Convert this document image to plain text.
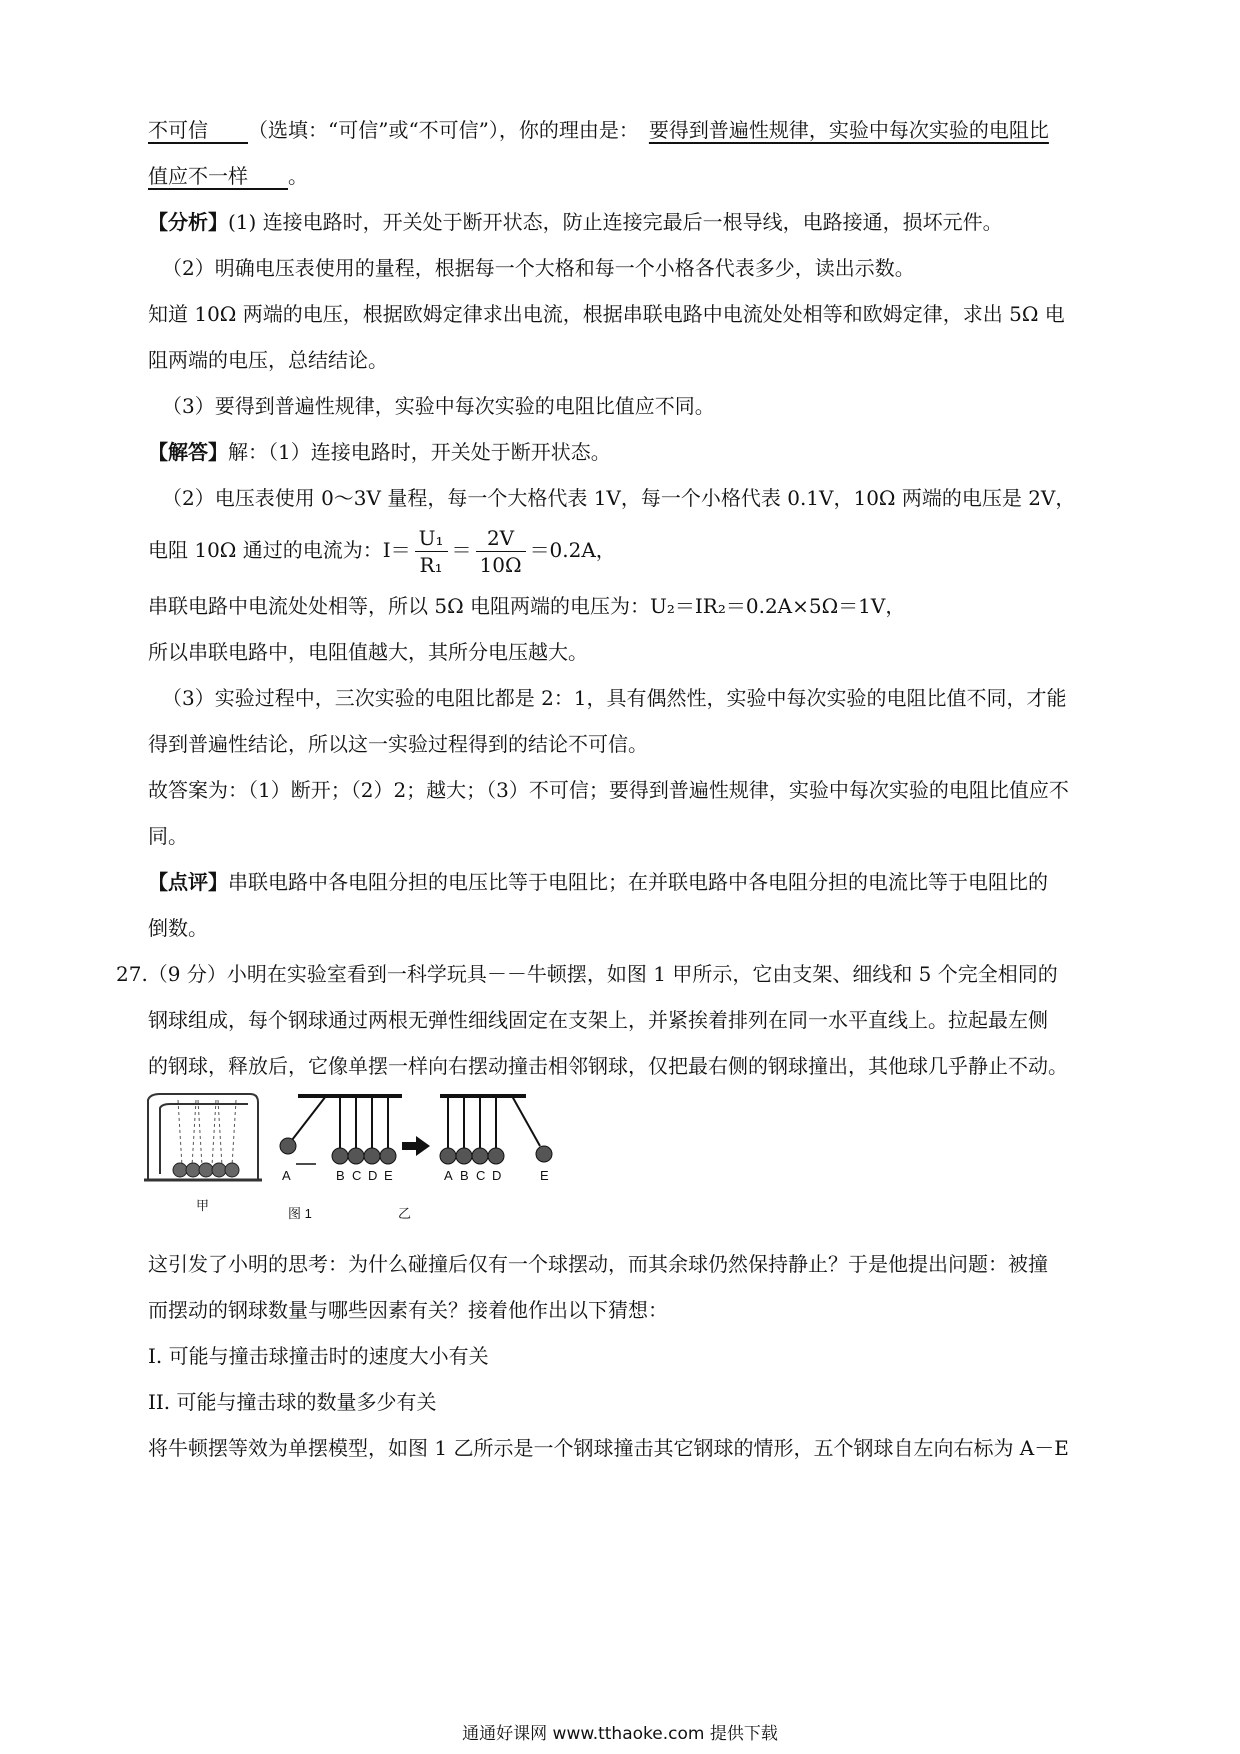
不可信   （选填：“可信”或“不可信”），你的理由是： 要得到普遍性规律，实验中每次实验的电阻比
值应不一样   。
【分析】(1) 连接电路时，开关处于断开状态，防止连接完最后一根导线，电路接通，损坏元件。
（2）明确电压表使用的量程，根据每一个大格和每一个小格各代表多少，读出示数。
知道 10Ω 两端的电压，根据欧姆定律求出电流，根据串联电路中电流处处相等和欧姆定律，求出 5Ω 电
阻两端的电压，总结结论。
（3）要得到普遍性规律，实验中每次实验的电阻比值应不同。
【解答】解：（1）连接电路时，开关处于断开状态。
（2）电压表使用 0～3V 量程，每一个大格代表 1V，每一个小格代表 0.1V，10Ω 两端的电压是 2V，
电阻 10Ω 通过的电流为：$I= \frac{\text{U₁}}{\text{R₁}} = \frac{2V}{10\Omega} =0.2A$，
串联电路中电流处处相等，所以 5Ω 电阻两端的电压为：U₂＝IR₂＝0.2A×5Ω＝1V，
所以串联电路中，电阻值越大，其所分电压越大。
（3）实验过程中，三次实验的电阻比都是 2：1，具有偶然性，实验中每次实验的电阻比值不同，才能
得到普遍性结论，所以这一实验过程得到的结论不可信。
故答案为：（1）断开；（2）2；越大；（3）不可信；要得到普遍性规律，实验中每次实验的电阻比值应不
同。
【点评】串联电路中各电阻分担的电压比等于电阻比；在并联电路中各电阻分担的电流比等于电阻比的
倒数。
27.（9 分）小明在实验室看到一科学玩具－－牛顿摆，如图 1 甲所示，它由支架、细线和 5 个完全相同的
钢球组成，每个钢球通过两根无弹性细线固定在支架上，并紧挨着排列在同一水平直线上。拉起最左侧
的钢球，释放后，它像单摆一样向右摆动撞击相邻钢球，仅把最右侧的钢球撞出，其他球几乎静止不动。
A	B C D E	A B C D	E
甲
图 1	乙
这引发了小明的思考：为什么碰撞后仅有一个球摆动，而其余球仍然保持静止？于是他提出问题：被撞
而摆动的钢球数量与哪些因素有关？接着他作出以下猜想：
I. 可能与撞击球撞击时的速度大小有关
II. 可能与撞击球的数量多少有关
将牛顿摆等效为单摆模型，如图 1 乙所示是一个钢球撞击其它钢球的情形，五个钢球自左向右标为 A－E
通通好课网 www.tthaoke.com 提供下载
